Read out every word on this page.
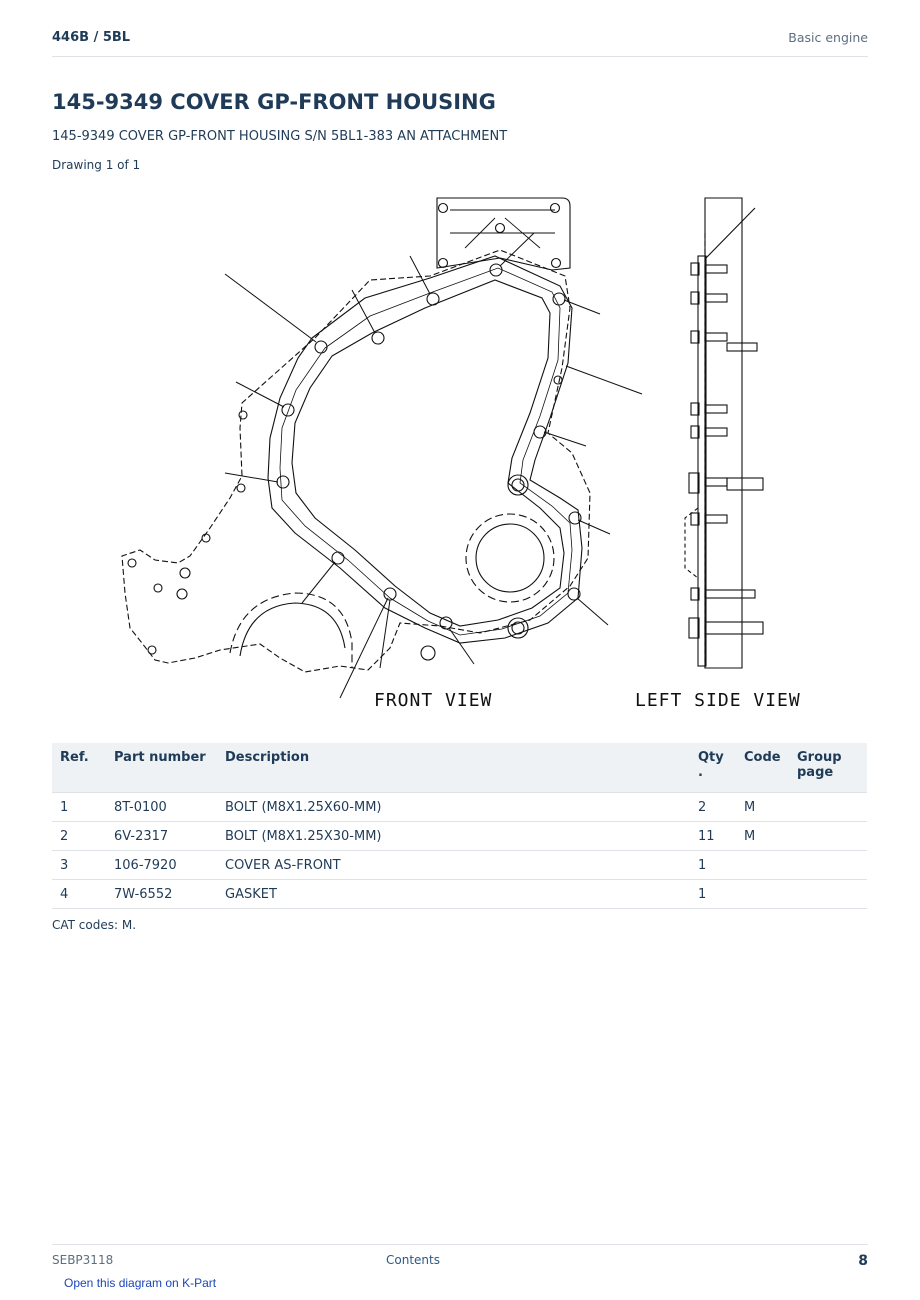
446B / 5BL	Basic engine
145-9349 COVER GP-FRONT HOUSING
145-9349 COVER GP-FRONT HOUSING S/N 5BL1-383 AN ATTACHMENT
Drawing 1 of 1
FRONT VIEW	LEFT SIDE VIEW
Ref.	Part number	Description	Qty .	Code	Group page
1	8T-0100	BOLT (M8X1.25X60-MM)	2	M	
2	6V-2317	BOLT (M8X1.25X30-MM)	11	M	
3	106-7920	COVER AS-FRONT	1		
4	7W-6552	GASKET	1		
CAT codes: M.
SEBP3118	Contents	8
Open this diagram on K-Part
